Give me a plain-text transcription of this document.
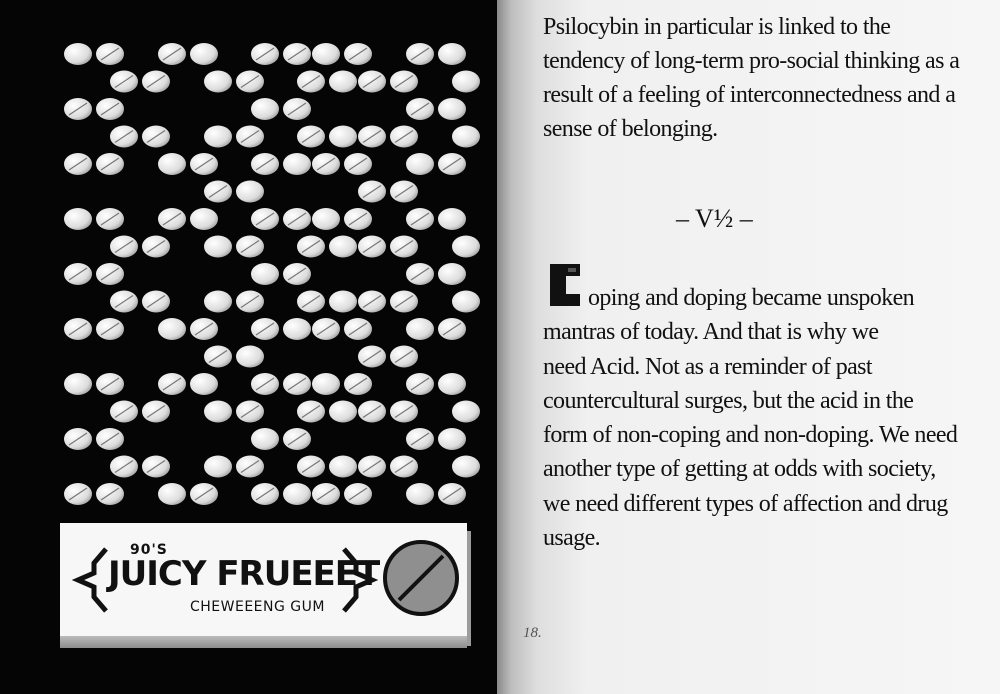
90'S
JUICY FRUEEET
CHEWEEENG GUM
Psilocybin in particular is linked to the
tendency of long-term pro-social thinking as a
result of a feeling of interconnectedness and a
sense of belonging.
– V½ –
oping and doping became unspoken
mantras of today. And that is why we
need Acid. Not as a reminder of past
countercultural surges, but the acid in the
form of non-coping and non-doping. We need
another type of getting at odds with society,
we need different types of affection and drug
usage.
18.
